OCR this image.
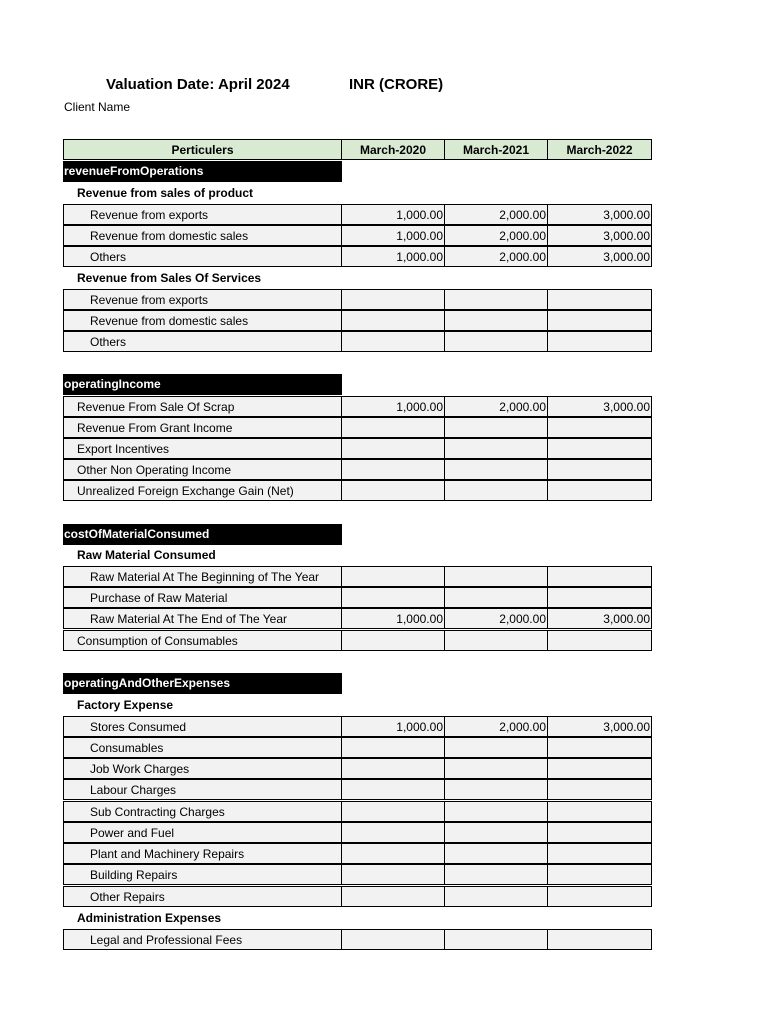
Valuation Date: April 2024	INR (CRORE)
Client Name
Perticulers	March-2020	March-2021	March-2022
revenueFromOperations
Revenue from sales of product
Revenue from exports	1,000.00	2,000.00	3,000.00
Revenue from domestic sales	1,000.00	2,000.00	3,000.00
Others	1,000.00	2,000.00	3,000.00
Revenue from Sales Of Services
Revenue from exports
Revenue from domestic sales
Others
operatingIncome
Revenue From Sale Of Scrap	1,000.00	2,000.00	3,000.00
Revenue From Grant Income
Export Incentives
Other Non Operating Income
Unrealized Foreign Exchange Gain (Net)
costOfMaterialConsumed
Raw Material Consumed
Raw Material At The Beginning of The Year
Purchase of Raw Material
Raw Material At The End of The Year	1,000.00	2,000.00	3,000.00
Consumption of Consumables
operatingAndOtherExpenses
Factory Expense
Stores Consumed	1,000.00	2,000.00	3,000.00
Consumables
Job Work Charges
Labour Charges
Sub Contracting Charges
Power and Fuel
Plant and Machinery Repairs
Building Repairs
Other Repairs
Administration Expenses
Legal and Professional Fees
